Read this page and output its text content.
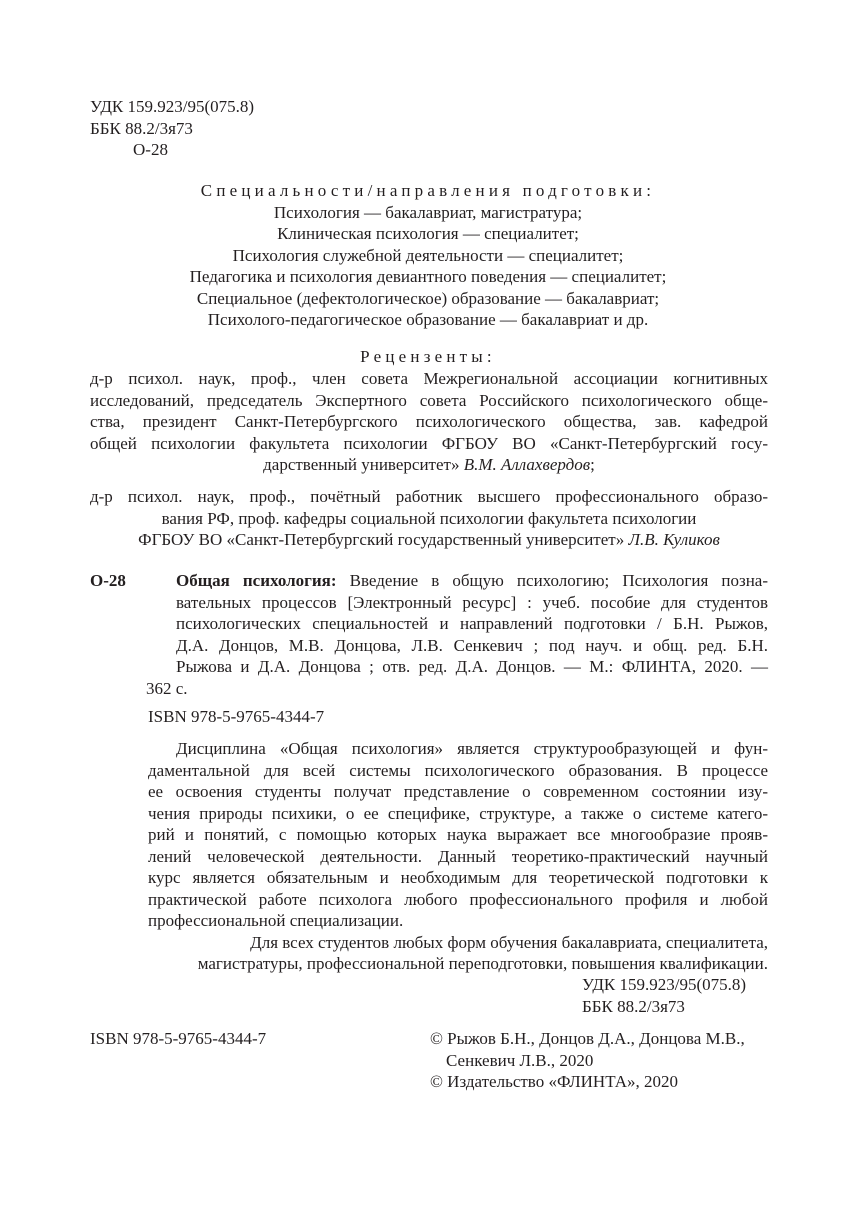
УДК 159.923/95(075.8)
ББК 88.2/3я73
О-28
Специальности/направления подготовки:
Психология — бакалавриат, магистратура;
Клиническая психология — специалитет;
Психология служебной деятельности — специалитет;
Педагогика и психология девиантного поведения — специалитет;
Специальное (дефектологическое) образование — бакалавриат;
Психолого-педагогическое образование — бакалавриат и др.
Рецензенты:
д-р психол. наук, проф., член совета Межрегиональной ассоциации когнитивных
исследований, председатель Экспертного совета Российского психологического обще-
ства, президент Санкт-Петербургского психологического общества, зав. кафедрой
общей психологии факультета психологии ФГБОУ ВО «Санкт-Петербургский госу-
дарственный университет» В.М. Аллахвердов;
д-р психол. наук, проф., почётный работник высшего профессионального образо-
вания РФ, проф. кафедры социальной психологии факультета психологии
ФГБОУ ВО «Санкт-Петербургский государственный университет» Л.В. Куликов
О-28	Общая психология: Введение в общую психологию; Психология позна-
вательных процессов [Электронный ресурс] : учеб. пособие для студентов
психологических специальностей и направлений подготовки / Б.Н. Рыжов,
Д.А. Донцов, М.В. Донцова, Л.В. Сенкевич ; под науч. и общ. ред. Б.Н.
Рыжова и Д.А. Донцова ; отв. ред. Д.А. Донцов. — М.: ФЛИНТА, 2020. —
362 с.
ISBN 978-5-9765-4344-7
Дисциплина «Общая психология» является структурообразующей и фун-
даментальной для всей системы психологического образования. В процессе
ее освоения студенты получат представление о современном состоянии изу-
чения природы психики, о ее специфике, структуре, а также о системе катего-
рий и понятий, с помощью которых наука выражает все многообразие прояв-
лений человеческой деятельности. Данный теоретико-практический научный
курс является обязательным и необходимым для теоретической подготовки к
практической работе психолога любого профессионального профиля и любой
профессиональной специализации.
Для всех студентов любых форм обучения бакалавриата, специалитета,
магистратуры, профессиональной переподготовки, повышения квалификации.
УДК 159.923/95(075.8)
ББК 88.2/3я73
ISBN 978-5-9765-4344-7	© Рыжов Б.Н., Донцов Д.А., Донцова М.В.,
Сенкевич Л.В., 2020
© Издательство «ФЛИНТА», 2020
